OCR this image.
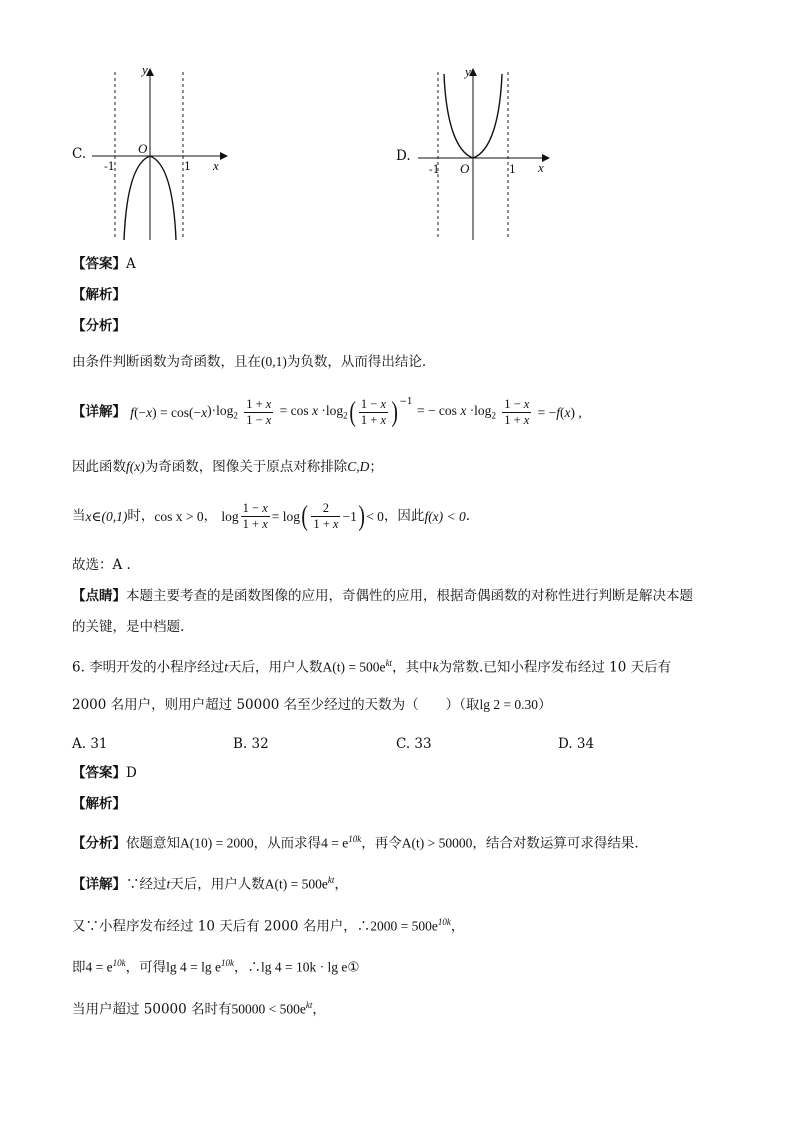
C.
y
O
-1	1 x
D.
y
O
-1	1 x
【答案】A
【解析】
【分析】
由条件判断函数为奇函数，且在(0,1)为负数，从而得出结论.
【详解】 $f(-x) = \cos(-x)\cdot\log_2 \frac{1 + x}{1 - x} = \cos x \cdot\log_2( \frac{1 - x}{1 + x} )^{-1}$ = − $\cos x \cdot\log_2 \frac{1 - x}{1 + x} = -f(x)$ ,
因此函数f(x)为奇函数，图像关于原点对称排除C,D；
当x∈(0,1)时，cos x > 0， $\log \frac{1 - x}{1 + x} = \log( \frac{2}{1 + x} -1)< 0$，因此f(x) < 0.
故选：A .
【点睛】本题主要考查的是函数图像的应用，奇偶性的应用，根据奇偶函数的对称性进行判断是解决本题
的关键，是中档题.
6. 李明开发的小程序经过t天后，用户人数$A(t) = 500e^{kt}$，其中k为常数.已知小程序发布经过 10 天后有
2000 名用户，则用户超过 50000 名至少经过的天数为（　　）（取lg 2 = 0.30）
A. 31	B. 32	C. 33	D. 34
【答案】D
【解析】
【分析】依题意知A(10) = 2000，从而求得$4 = e^{10k}$，再令A(t) > 50000，结合对数运算可求得结果.
【详解】∵经过t天后，用户人数$A(t) = 500e^{kt}$，
又∵小程序发布经过 10 天后有 2000 名用户，∴2000 = $500e^{10k}$，
即$4 = e^{10k}$，可得$\lg 4 = \lg e^{10k}$，∴lg 4 = 10k · lg e①
当用户超过 50000 名时有$50000 < 500e^{kt}$，
